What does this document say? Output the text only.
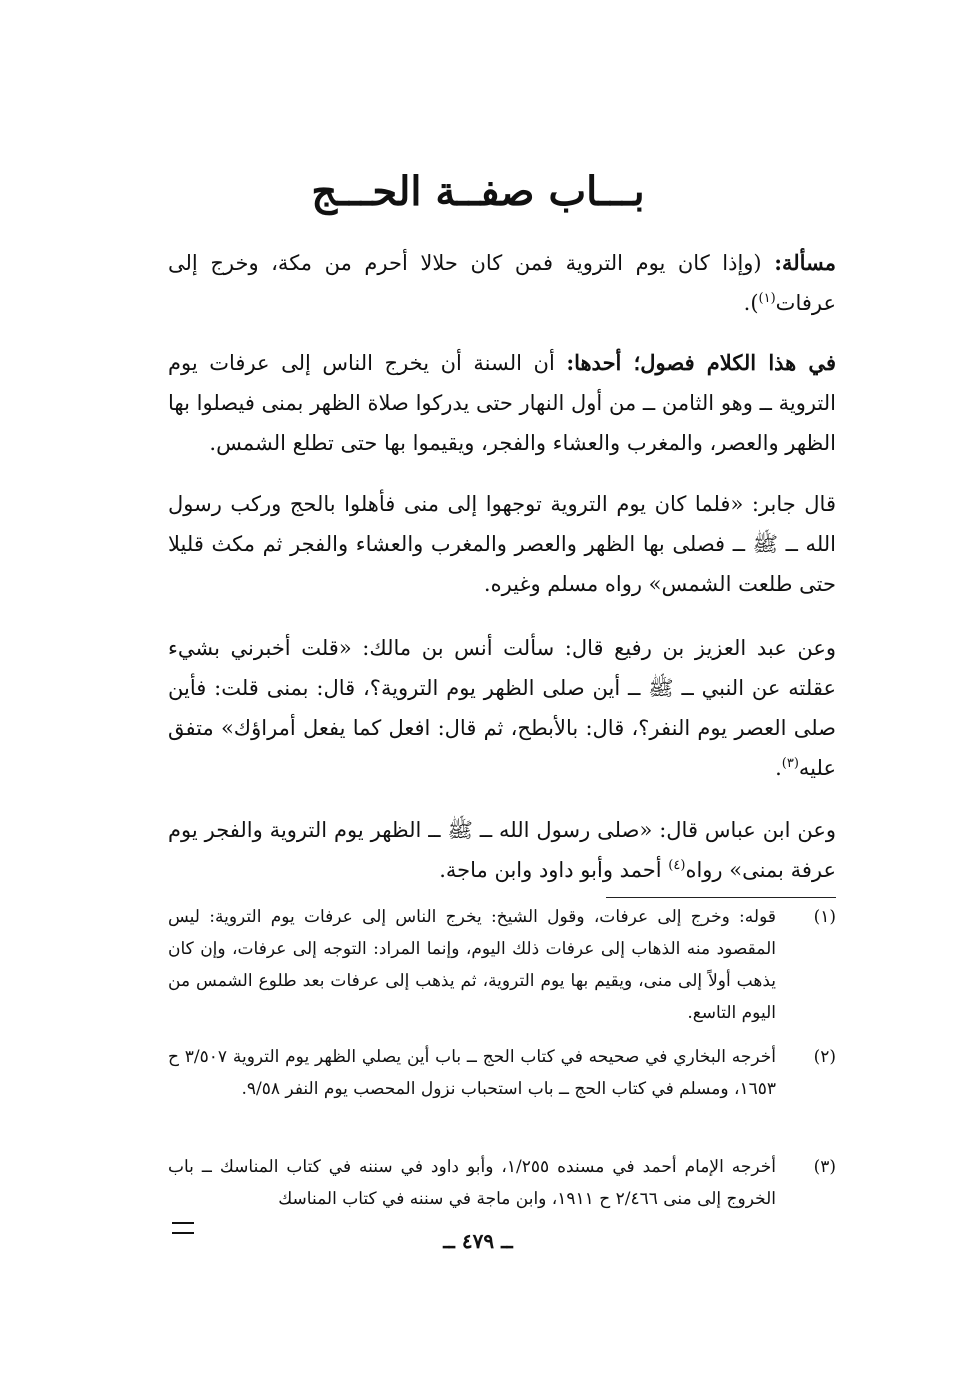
بـــاب صفــة الحـــج
مسألة: (وإذا كان يوم التروية فمن كان حلالا أحرم من مكة، وخرج إلى عرفات$^{(١)}$).
في هذا الكلام فصول؛ أحدها: أن السنة أن يخرج الناس إلى عرفات يوم التروية ــ وهو الثامن ــ من أول النهار حتى يدركوا صلاة الظهر بمنى فيصلوا بها الظهر والعصر، والمغرب والعشاء والفجر، ويقيموا بها حتى تطلع الشمس.
قال جابر: «فلما كان يوم التروية توجهوا إلى منى فأهلوا بالحج وركب رسول الله ــ ﷺ ــ فصلى بها الظهر والعصر والمغرب والعشاء والفجر ثم مكث قليلا حتى طلعت الشمس» رواه مسلم وغيره.
وعن عبد العزيز بن رفيع قال: سألت أنس بن مالك: «قلت أخبرني بشيء عقلته عن النبي ــ ﷺ ــ أين صلى الظهر يوم التروية؟، قال: بمنى قلت: فأين صلى العصر يوم النفر؟، قال: بالأبطح، ثم قال: افعل كما يفعل أمراؤك» متفق عليه$^{(٣)}$.
وعن ابن عباس قال: «صلى رسول الله ــ ﷺ ــ الظهر يوم التروية والفجر يوم عرفة بمنى» رواه$^{(٤)}$ أحمد وأبو داود وابن ماجة.
(١)
قوله: وخرج إلى عرفات، وقول الشيخ: يخرج الناس إلى عرفات يوم التروية: ليس المقصود منه الذهاب إلى عرفات ذلك اليوم، وإنما المراد: التوجه إلى عرفات، وإن كان يذهب أولاً إلى منى، ويقيم بها يوم التروية، ثم يذهب إلى عرفات بعد طلوع الشمس من اليوم التاسع.
(٢)
أخرجه البخاري في صحيحه في كتاب الحج ــ باب أين يصلي الظهر يوم التروية ٣/٥٠٧ ح ١٦٥٣، ومسلم في كتاب الحج ــ باب استحباب نزول المحصب يوم النفر ٩/٥٨.
(٣)
أخرجه الإمام أحمد في مسنده ١/٢٥٥، وأبو داود في سننه في كتاب المناسك ــ باب الخروج إلى منى ٢/٤٦٦ ح ١٩١١، وابن ماجة في سننه في كتاب المناسك
ــ ٤٧٩ ــ
